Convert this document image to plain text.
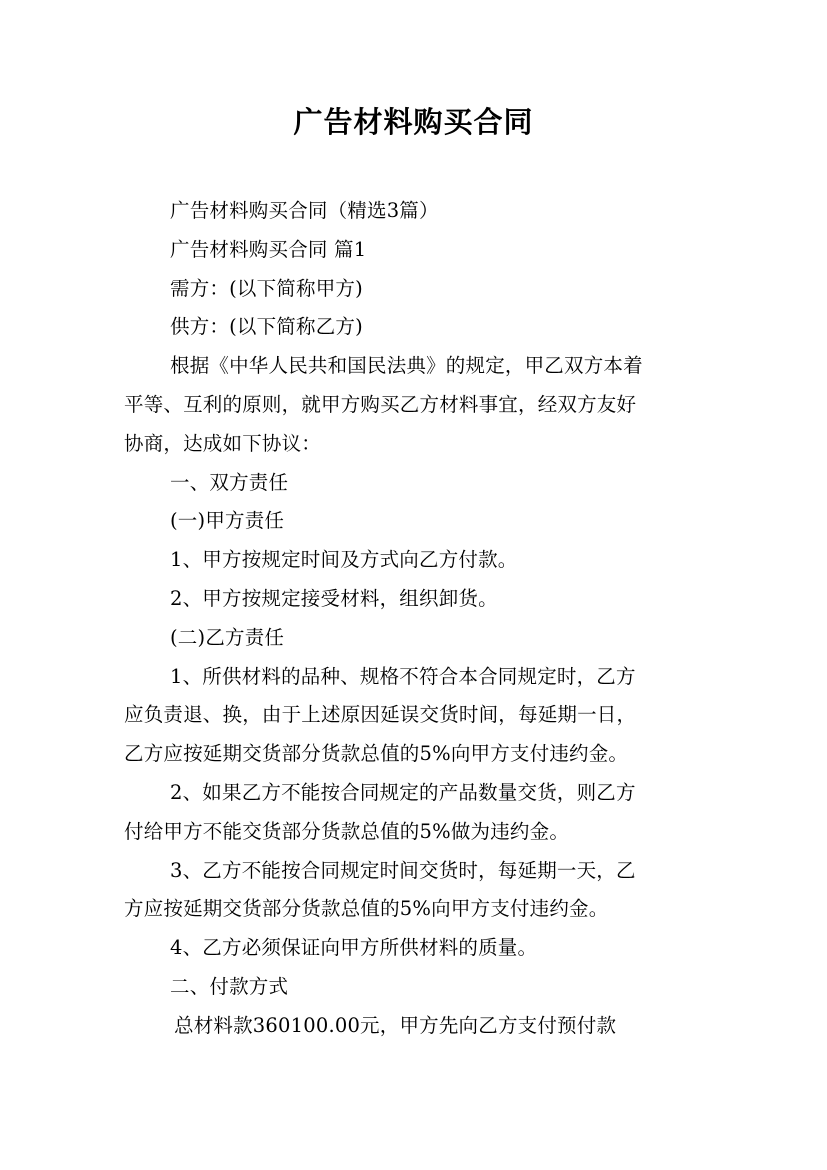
广告材料购买合同
广告材料购买合同（精选3篇）
广告材料购买合同 篇1
需方：(以下简称甲方)
供方：(以下简称乙方)
根据《中华人民共和国民法典》的规定，甲乙双方本着
平等、互利的原则，就甲方购买乙方材料事宜，经双方友好
协商，达成如下协议：
一、双方责任
(一)甲方责任
1、甲方按规定时间及方式向乙方付款。
2、甲方按规定接受材料，组织卸货。
(二)乙方责任
1、所供材料的品种、规格不符合本合同规定时，乙方
应负责退、换，由于上述原因延误交货时间，每延期一日，
乙方应按延期交货部分货款总值的5%向甲方支付违约金。
2、如果乙方不能按合同规定的产品数量交货，则乙方
付给甲方不能交货部分货款总值的5%做为违约金。
3、乙方不能按合同规定时间交货时，每延期一天，乙
方应按延期交货部分货款总值的5%向甲方支付违约金。
4、乙方必须保证向甲方所供材料的质量。
二、付款方式
总材料款360100.00元，甲方先向乙方支付预付款
